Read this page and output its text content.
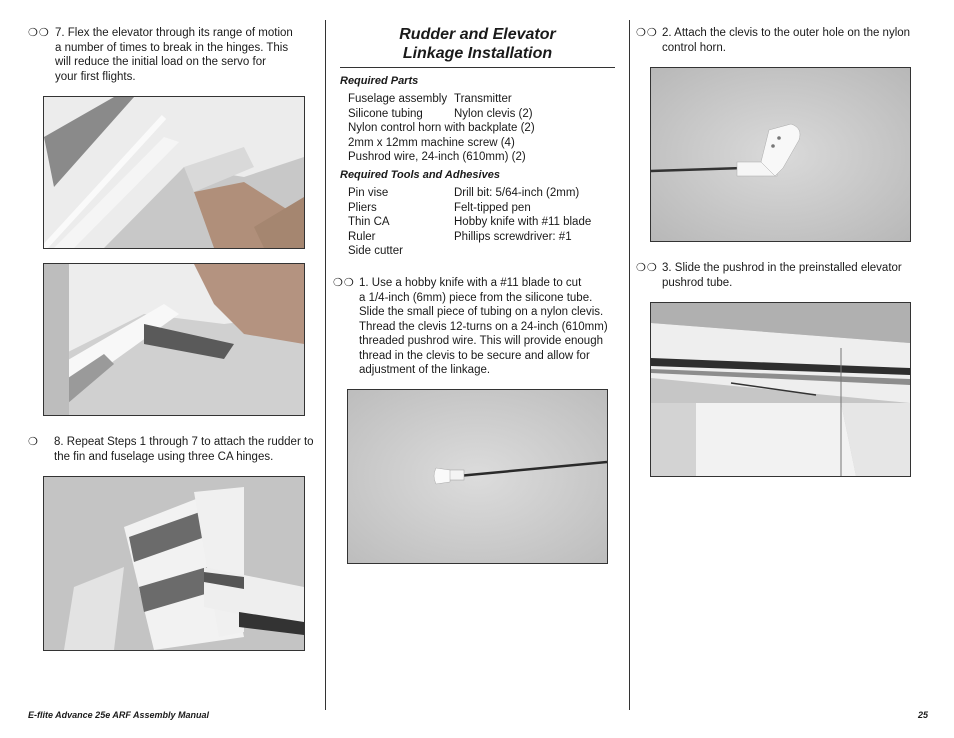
❍❍ 7. Flex the elevator through its range of motion
a number of times to break in the hinges. This
will reduce the initial load on the servo for
your first flights.
❍ 8. Repeat Steps 1 through 7 to attach the rudder to
the fin and fuselage using three CA hinges.
Rudder and Elevator
Linkage Installation
Required Parts
Fuselage assembly Transmitter
Silicone tubing	Nylon clevis (2)
Nylon control horn with backplate (2)
2mm x 12mm machine screw (4)
Pushrod wire, 24-inch (610mm) (2)
Required Tools and Adhesives
Pin vise	Drill bit: 5/64-inch (2mm)
Pliers	Felt-tipped pen
Thin CA	Hobby knife with #11 blade
Ruler	Phillips screwdriver: #1
Side cutter
❍❍ 1. Use a hobby knife with a #11 blade to cut
a 1/4-inch (6mm) piece from the silicone tube.
Slide the small piece of tubing on a nylon clevis.
Thread the clevis 12-turns on a 24-inch (610mm)
threaded pushrod wire. This will provide enough
thread in the clevis to be secure and allow for
adjustment of the linkage.
❍❍ 2. Attach the clevis to the outer hole on the nylon
control horn.
❍❍ 3. Slide the pushrod in the preinstalled elevator
pushrod tube.
E-flite Advance 25e ARF Assembly Manual	25
